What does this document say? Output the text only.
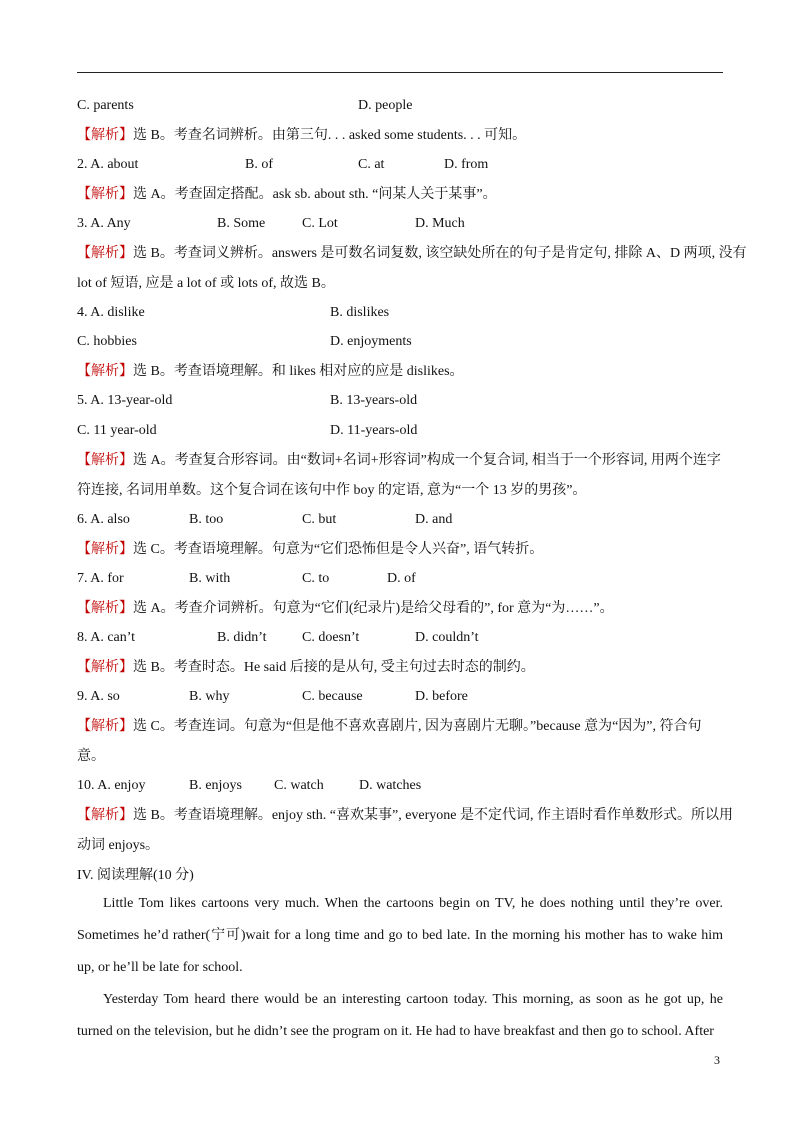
C. parents	D. people
【解析】选 B。考查名词辨析。由第三句. . . asked some students. . . 可知。
2. A. about	B. of	C. at	D. from
【解析】选 A。考查固定搭配。ask sb. about sth. “问某人关于某事”。
3. A. Any	B. Some	C. Lot	D. Much
【解析】选 B。考查词义辨析。answers 是可数名词复数, 该空缺处所在的句子是肯定句, 排除 A、D 两项, 没有
lot of 短语, 应是 a lot of 或 lots of, 故选 B。
4. A. dislike	B. dislikes
C. hobbies	D. enjoyments
【解析】选 B。考查语境理解。和 likes 相对应的应是 dislikes。
5. A. 13-year-old	B. 13-years-old
C. 11 year-old	D. 11-years-old
【解析】选 A。考查复合形容词。由“数词+名词+形容词”构成一个复合词, 相当于一个形容词, 用两个连字
符连接, 名词用单数。这个复合词在该句中作 boy 的定语, 意为“一个 13 岁的男孩”。
6. A. also	B. too	C. but	D. and
【解析】选 C。考查语境理解。句意为“它们恐怖但是令人兴奋”, 语气转折。
7. A. for	B. with	C. to	D. of
【解析】选 A。考查介词辨析。句意为“它们(纪录片)是给父母看的”, for 意为“为……”。
8. A. can’t	B. didn’t	C. doesn’t	D. couldn’t
【解析】选 B。考查时态。He said 后接的是从句, 受主句过去时态的制约。
9. A. so	B. why	C. because	D. before
【解析】选 C。考查连词。句意为“但是他不喜欢喜剧片, 因为喜剧片无聊。”because 意为“因为”, 符合句
意。
10. A. enjoy	B. enjoys C. watch	D. watches
【解析】选 B。考查语境理解。enjoy sth. “喜欢某事”, everyone 是不定代词, 作主语时看作单数形式。所以用
动词 enjoys。
IV. 阅读理解(10 分)

Little Tom likes cartoons very much. When the cartoons begin on TV, he does nothing until they’re over. Sometimes he’d rather(宁可)wait for a long time and go to bed late. In the morning his mother has to wake him up, or he’ll be late for school.

Yesterday Tom heard there would be an interesting cartoon today. This morning, as soon as he got up, he turned on the television, but he didn’t see the program on it. He had to have breakfast and then go to school. After

3
